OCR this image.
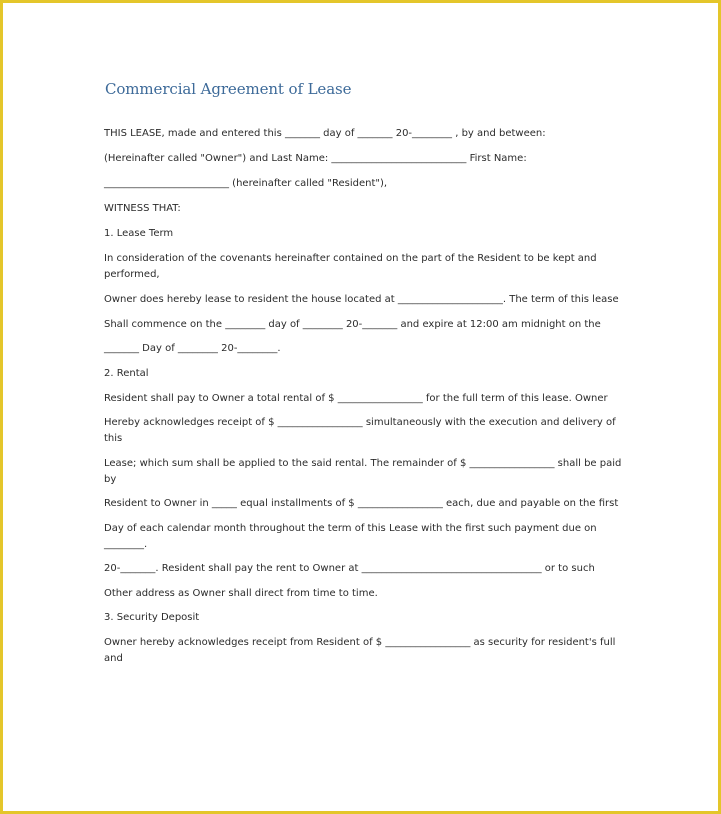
Commercial Agreement of Lease

THIS LEASE, made and entered this _______ day of _______ 20-________ , by and between:

(Hereinafter called "Owner") and Last Name: ___________________________ First Name:

_________________________ (hereinafter called "Resident"),

WITNESS THAT:

1. Lease Term

In consideration of the covenants hereinafter contained on the part of the Resident to be kept and performed,

Owner does hereby lease to resident the house located at _____________________. The term of this lease

Shall commence on the ________ day of ________ 20-_______ and expire at 12:00 am midnight on the

_______ Day of ________ 20-________.

2. Rental

Resident shall pay to Owner a total rental of $ _________________ for the full term of this lease. Owner

Hereby acknowledges receipt of $ _________________ simultaneously with the execution and delivery of this

Lease; which sum shall be applied to the said rental. The remainder of $ _________________ shall be paid by

Resident to Owner in _____ equal installments of $ _________________ each, due and payable on the first

Day of each calendar month throughout the term of this Lease with the first such payment due on ________.

20-_______. Resident shall pay the rent to Owner at ____________________________________ or to such

Other address as Owner shall direct from time to time.

3. Security Deposit

Owner hereby acknowledges receipt from Resident of $ _________________ as security for resident's full and
